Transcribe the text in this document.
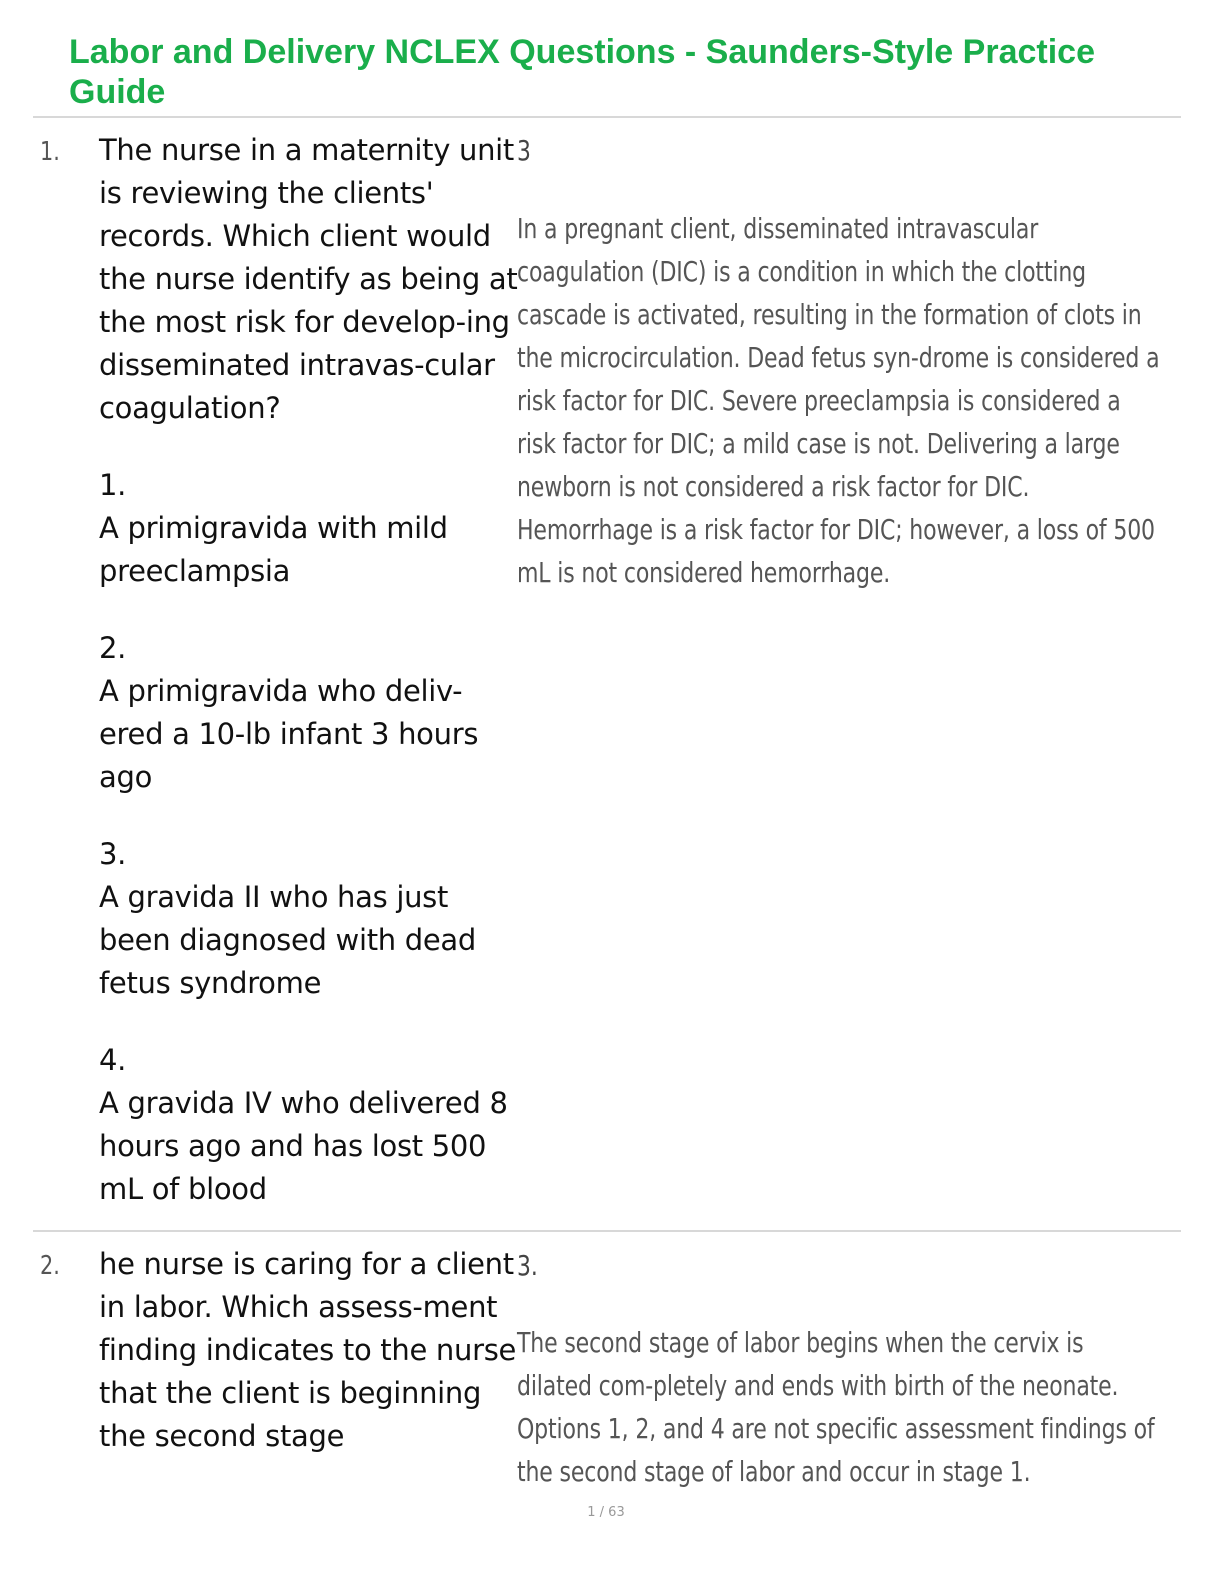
Labor and Delivery NCLEX Questions - Saunders-Style Practice Guide
1.	The nurse in a maternity unit is reviewing the clients' records. Which client would the nurse identify as being at the most risk for develop-ing disseminated intravas-cular coagulation?

1.

A primigravida with mild preeclampsia

2.

A primigravida who deliv-ered a 10-lb infant 3 hours ago

3.

A gravida II who has just been diagnosed with dead fetus syndrome

4.

A gravida IV who delivered 8 hours ago and has lost 500 mL of blood

3
In a pregnant client, disseminated intravascular coagulation (DIC) is a condition in which the clotting cascade is activated, resulting in the formation of clots in the microcirculation. Dead fetus syn-drome is considered a risk factor for DIC. Severe preeclampsia is considered a risk factor for DIC; a mild case is not. Delivering a large newborn is not considered a risk factor for DIC. Hemorrhage is a risk factor for DIC; however, a loss of 500 mL is not considered hemorrhage.
2.	he nurse is caring for a client in labor. Which assess-ment finding indicates to the nurse that the client is beginning the second stage

3.
The second stage of labor begins when the cervix is dilated com-pletely and ends with birth of the neonate. Options 1, 2, and 4 are not specific assessment findings of the second stage of labor and occur in stage 1.
1 / 63
